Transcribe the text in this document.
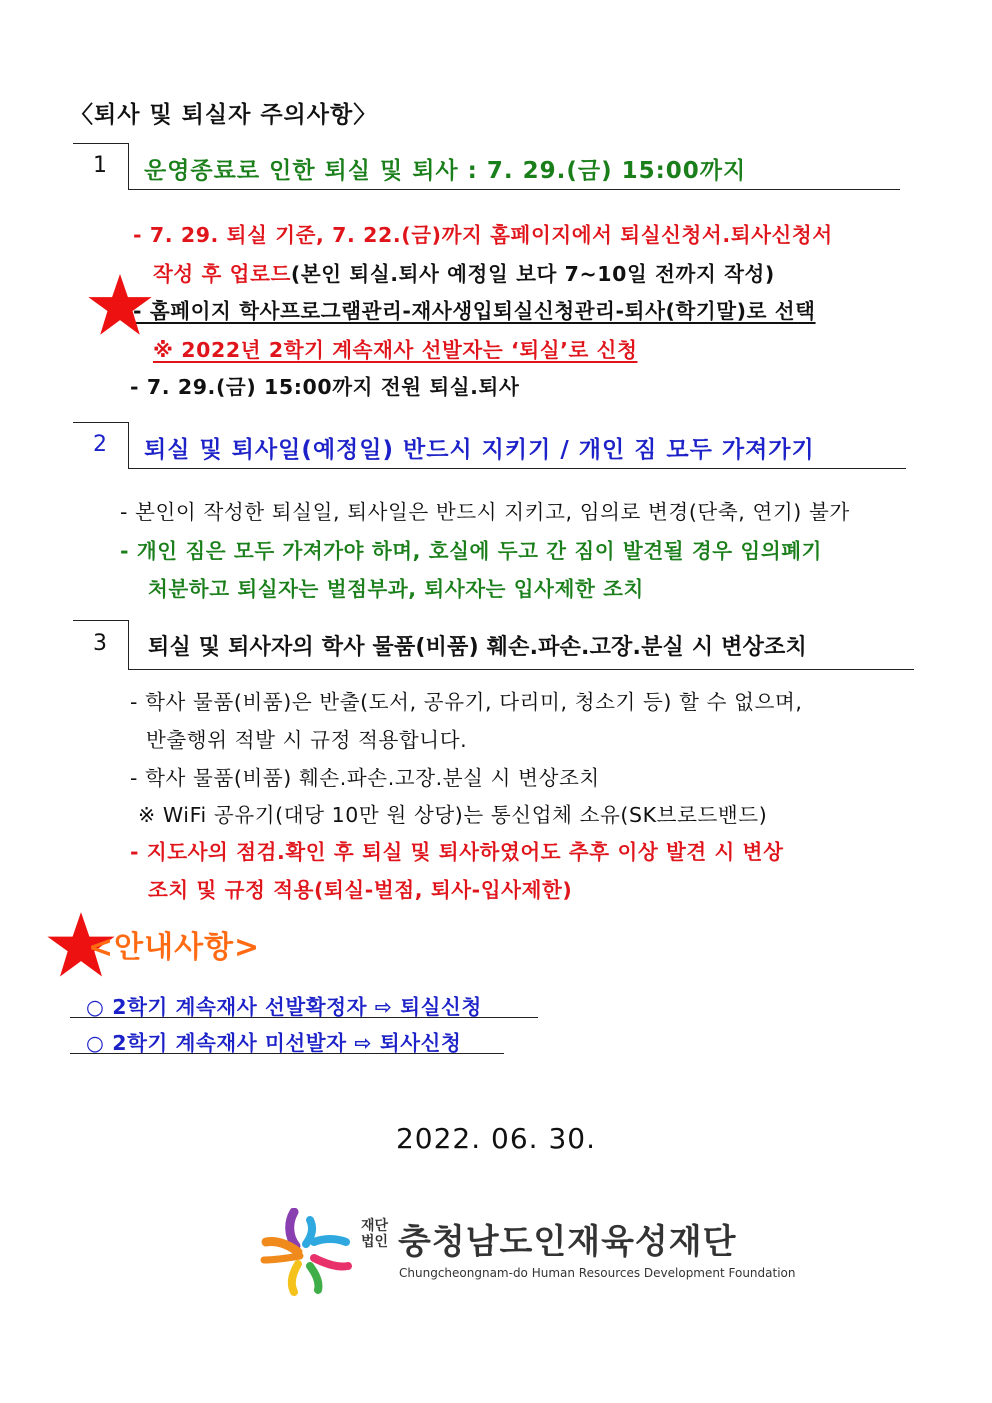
〈퇴사 및 퇴실자 주의사항〉
1	운영종료로 인한 퇴실 및 퇴사 : 7. 29.(금) 15:00까지
- 7. 29. 퇴실 기준, 7. 22.(금)까지 홈페이지에서 퇴실신청서.퇴사신청서
작성 후 업로드(본인 퇴실.퇴사 예정일 보다 7~10일 전까지 작성)
- 홈페이지 학사프로그램관리-재사생입퇴실신청관리-퇴사(학기말)로 선택
※ 2022년 2학기 계속재사 선발자는 ‘퇴실’로 신청
- 7. 29.(금) 15:00까지 전원 퇴실.퇴사
2	퇴실 및 퇴사일(예정일) 반드시 지키기 / 개인 짐 모두 가져가기
- 본인이 작성한 퇴실일, 퇴사일은 반드시 지키고, 임의로 변경(단축, 연기) 불가
- 개인 짐은 모두 가져가야 하며, 호실에 두고 간 짐이 발견될 경우 임의폐기
처분하고 퇴실자는 벌점부과, 퇴사자는 입사제한 조치
3	퇴실 및 퇴사자의 학사 물품(비품) 훼손.파손.고장.분실 시 변상조치
- 학사 물품(비품)은 반출(도서, 공유기, 다리미, 청소기 등) 할 수 없으며,
반출행위 적발 시 규정 적용합니다.
- 학사 물품(비품) 훼손.파손.고장.분실 시 변상조치
※ WiFi 공유기(대당 10만 원 상당)는 통신업체 소유(SK브로드밴드)
- 지도사의 점검.확인 후 퇴실 및 퇴사하였어도 추후 이상 발견 시 변상
조치 및 규정 적용(퇴실-벌점, 퇴사-입사제한)
<안내사항>
○ 2학기 계속재사 선발확정자 ⇨ 퇴실신청
○ 2학기 계속재사 미선발자 ⇨ 퇴사신청
2022. 06. 30.
재단
법인 충청남도인재육성재단
Chungcheongnam-do Human Resources Development Foundation
